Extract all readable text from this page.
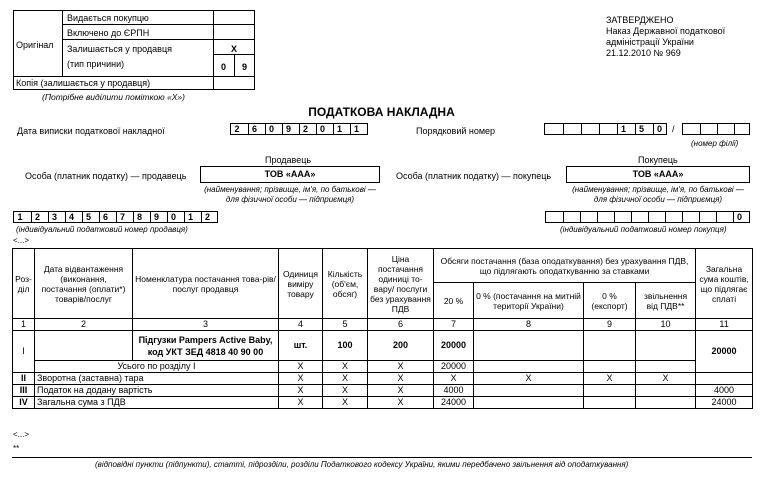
Оригінал
Видається покупцю
Включено до ЄРПН
Залишається у продавця
(тип причини)
X
0	9
Копія (залишається у продавця)
(Потрібне виділити поміткою «X»)
ЗАТВЕРДЖЕНО
Наказ Державної податкової
адміністрації України
21.12.2010 № 969
ПОДАТКОВА НАКЛАДНА
Дата виписки податкової накладної	2	6	0	9	2	0	1	1	Порядковий номер	1	5	0	/
(номер філії)
Продавець
Особа (платник податку) — продавець	ТОВ «ААА»
(найменування; прізвище, ім'я, по батькові —
для фізичної особи — підприємця)
Покупець
Особа (платник податку) — покупець	ТОВ «ААА»
(найменування; прізвище, ім'я, по батькові —
для фізичної особи — підприємця)
1	2	3	4	5	6	7	8	9	0	1	2
(індивідуальний податковий номер продавця)
0
(індивідуальний податковий номер покупця)
<...>
Роз-діл	Дата відвантаження (виконання, постачання (оплати*) товарів/послуг	Номенклатура постачання това-рів/послуг продавця	Одиниця виміру товару	Кількість (об'єм, обсяг)	Ціна постачання одиниці то-вару/ послуги без урахування ПДВ	Обсяги постачання (база оподаткування) без урахування ПДВ, що підлягають оподаткуванню за ставками				Загальна сума коштів, що підлягає сплаті
						20 %	0 % (постачання на митній території України)	0 % (експорт)	звільнення від ПДВ**	
1	2	3	4	5	6	7	8	9	10	11
І		Підгузки Pampers Active Baby,
код УКТ ЗЕД 4818 40 90 00	шт.	100	200	20000				20000
	Усього по розділу І		X	X	X	20000				
ІІ	Зворотна (заставна) тара		X	X	X	X	X	X	X	
ІІІ	Податок на додану вартість		X	X	X	4000				4000
IV	Загальна сума з ПДВ		X	X	X	24000				24000
<...>
**
(відповідні пункти (підпункти), статті, підрозділи, розділи Податкового кодексу України, якими передбачено звільнення від оподаткування)
